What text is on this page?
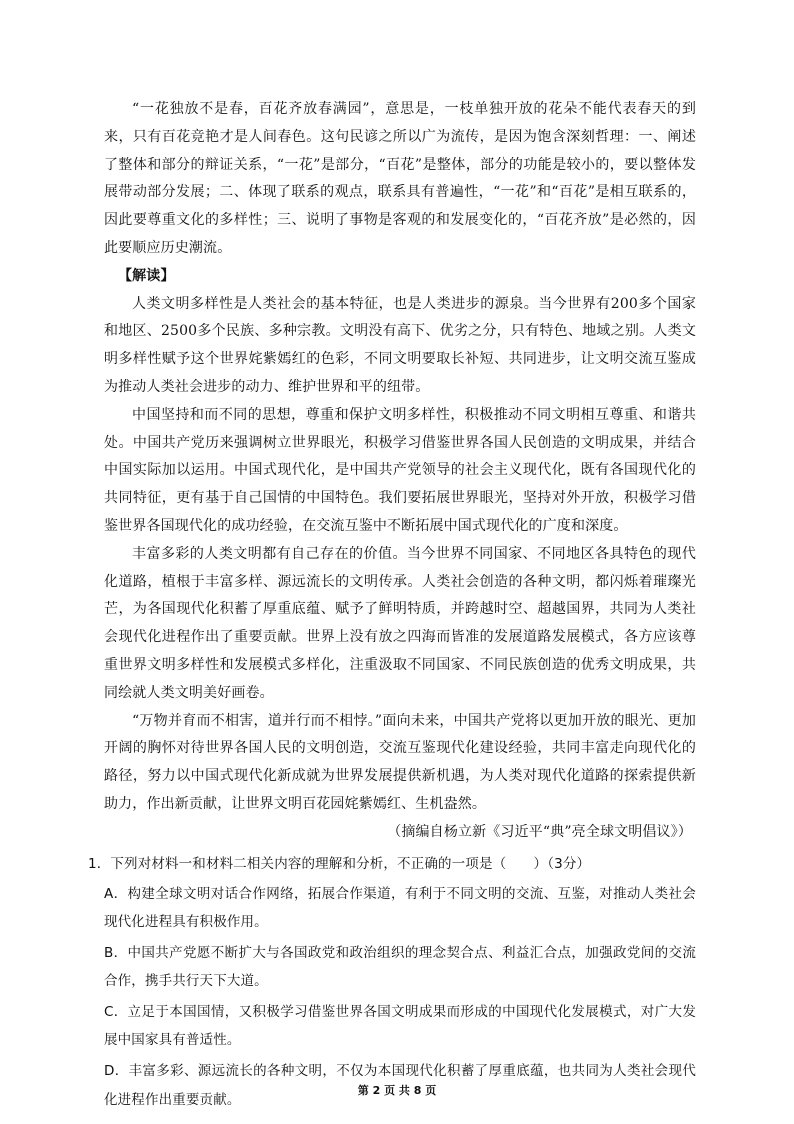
“一花独放不是春，百花齐放春满园”，意思是，一枝单独开放的花朵不能代表春天的到来，只有百花竞艳才是人间春色。这句民谚之所以广为流传，是因为饱含深刻哲理：一、阐述了整体和部分的辩证关系，“一花”是部分，“百花”是整体，部分的功能是较小的，要以整体发展带动部分发展；二、体现了联系的观点，联系具有普遍性，“一花”和“百花”是相互联系的，因此要尊重文化的多样性；三、说明了事物是客观的和发展变化的，“百花齐放”是必然的，因此要顺应历史潮流。

【解读】

人类文明多样性是人类社会的基本特征，也是人类进步的源泉。当今世界有200多个国家和地区、2500多个民族、多种宗教。文明没有高下、优劣之分，只有特色、地域之别。人类文明多样性赋予这个世界姹紫嫣红的色彩，不同文明要取长补短、共同进步，让文明交流互鉴成为推动人类社会进步的动力、维护世界和平的纽带。

中国坚持和而不同的思想，尊重和保护文明多样性，积极推动不同文明相互尊重、和谐共处。中国共产党历来强调树立世界眼光，积极学习借鉴世界各国人民创造的文明成果，并结合中国实际加以运用。中国式现代化，是中国共产党领导的社会主义现代化，既有各国现代化的共同特征，更有基于自己国情的中国特色。我们要拓展世界眼光，坚持对外开放，积极学习借鉴世界各国现代化的成功经验，在交流互鉴中不断拓展中国式现代化的广度和深度。

丰富多彩的人类文明都有自己存在的价值。当今世界不同国家、不同地区各具特色的现代化道路，植根于丰富多样、源远流长的文明传承。人类社会创造的各种文明，都闪烁着璀璨光芒，为各国现代化积蓄了厚重底蕴、赋予了鲜明特质，并跨越时空、超越国界，共同为人类社会现代化进程作出了重要贡献。世界上没有放之四海而皆准的发展道路发展模式，各方应该尊重世界文明多样性和发展模式多样化，注重汲取不同国家、不同民族创造的优秀文明成果，共同绘就人类文明美好画卷。

“万物并育而不相害，道并行而不相悖。”面向未来，中国共产党将以更加开放的眼光、更加开阔的胸怀对待世界各国人民的文明创造，交流互鉴现代化建设经验，共同丰富走向现代化的路径，努力以中国式现代化新成就为世界发展提供新机遇，为人类对现代化道路的探索提供新助力，作出新贡献，让世界文明百花园姹紫嫣红、生机盎然。

（摘编自杨立新《习近平“典”亮全球文明倡议》）

1．下列对材料一和材料二相关内容的理解和分析，不正确的一项是（　　）（3分）

A．构建全球文明对话合作网络，拓展合作渠道，有利于不同文明的交流、互鉴，对推动人类社会现代化进程具有积极作用。

B．中国共产党愿不断扩大与各国政党和政治组织的理念契合点、利益汇合点，加强政党间的交流合作，携手共行天下大道。

C．立足于本国国情，又积极学习借鉴世界各国文明成果而形成的中国现代化发展模式，对广大发展中国家具有普适性。

D．丰富多彩、源远流长的各种文明，不仅为本国现代化积蓄了厚重底蕴，也共同为人类社会现代化进程作出重要贡献。

第 2 页 共 8 页
